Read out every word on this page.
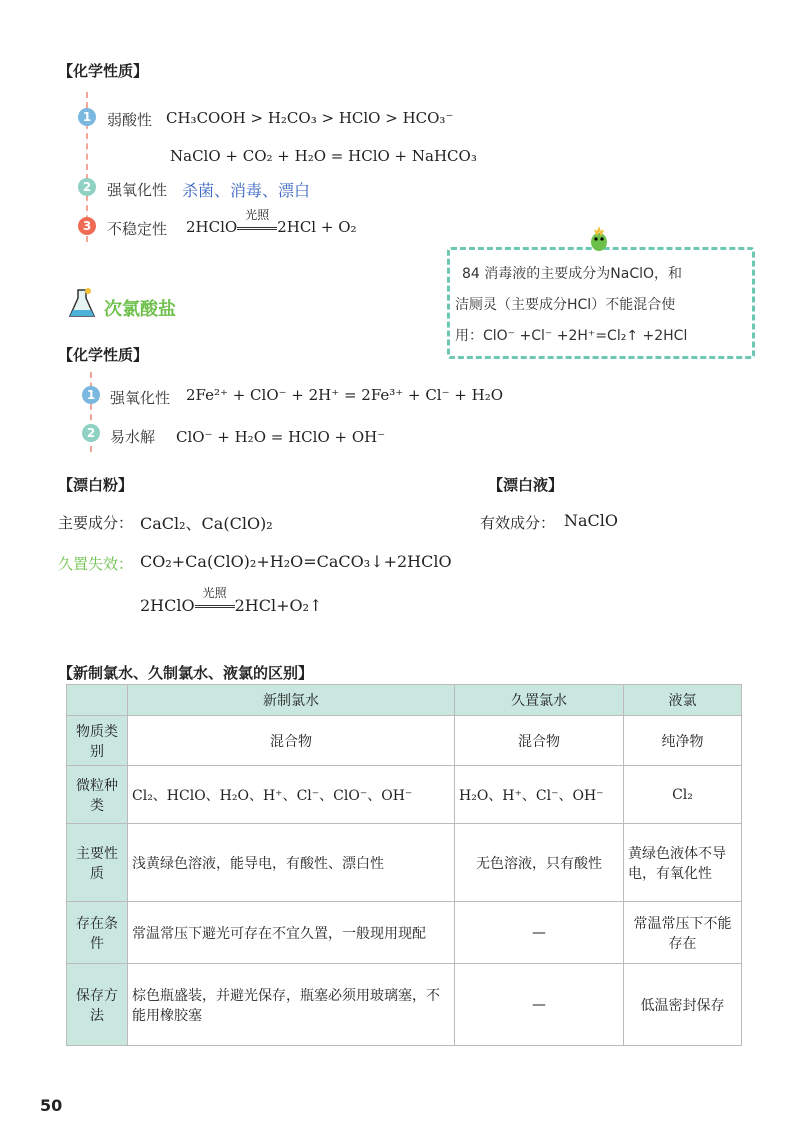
【化学性质】
1	弱酸性 CH₃COOH > H₂CO₃ > HClO > HCO₃⁻
NaClO + CO₂ + H₂O = HClO + NaHCO₃
2	强氧化性 杀菌、消毒、漂白
3	不稳定性 2HClO
光照
2HCl + O₂
84 消毒液的主要成分为NaClO，和
洁厕灵（主要成分HCl）不能混合使
用：ClO⁻ +Cl⁻ +2H⁺=Cl₂↑ +2HCl
次氯酸盐
【化学性质】
1 强氧化性 2Fe²⁺ + ClO⁻ + 2H⁺ = 2Fe³⁺ + Cl⁻ + H₂O
2 易水解 ClO⁻ + H₂O = HClO + OH⁻
【漂白粉】	【漂白液】
主要成分： CaCl₂、Ca(ClO)₂	有效成分： NaClO
久置失效： CO₂+Ca(ClO)₂+H₂O=CaCO₃↓+2HClO
2HClO
光照
2HCl+O₂↑
【新制氯水、久制氯水、液氯的区别】
	新制氯水	久置氯水	液氯
物质类别	混合物	混合物	纯净物
微粒种类	Cl₂、HClO、H₂O、H⁺、Cl⁻、ClO⁻、OH⁻	H₂O、H⁺、Cl⁻、OH⁻	Cl₂
主要性质	浅黄绿色溶液，能导电，有酸性、漂白性	无色溶液，只有酸性	黄绿色液体不导电，有氧化性
存在条件	常温常压下避光可存在不宜久置，一般现用现配	—	常温常压下不能存在
保存方法	棕色瓶盛装，并避光保存，瓶塞必须用玻璃塞，不能用橡胶塞	—	低温密封保存
50
